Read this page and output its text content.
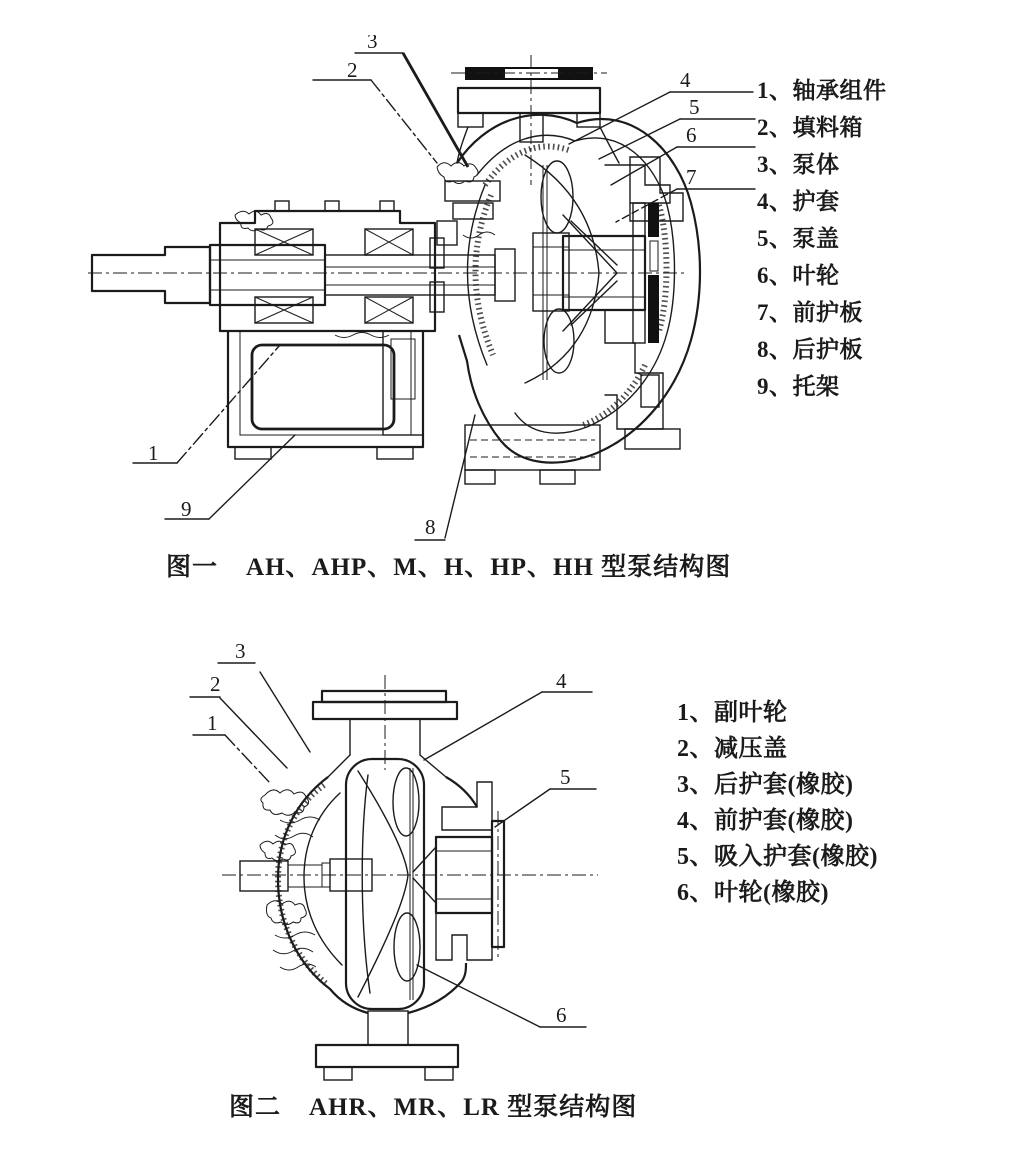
3
2	4
5
6
7
1
9
8
1、轴承组件
2、填料箱
3、泵体
4、护套
5、泵盖
6、叶轮
7、前护板
8、后护板
9、托架
图一 AH、AHP、M、H、HP、HH 型泵结构图
3
2
1
4
5
6
1、副叶轮
2、减压盖
3、后护套(橡胶)
4、前护套(橡胶)
5、吸入护套(橡胶)
6、叶轮(橡胶)
图二 AHR、MR、LR 型泵结构图
